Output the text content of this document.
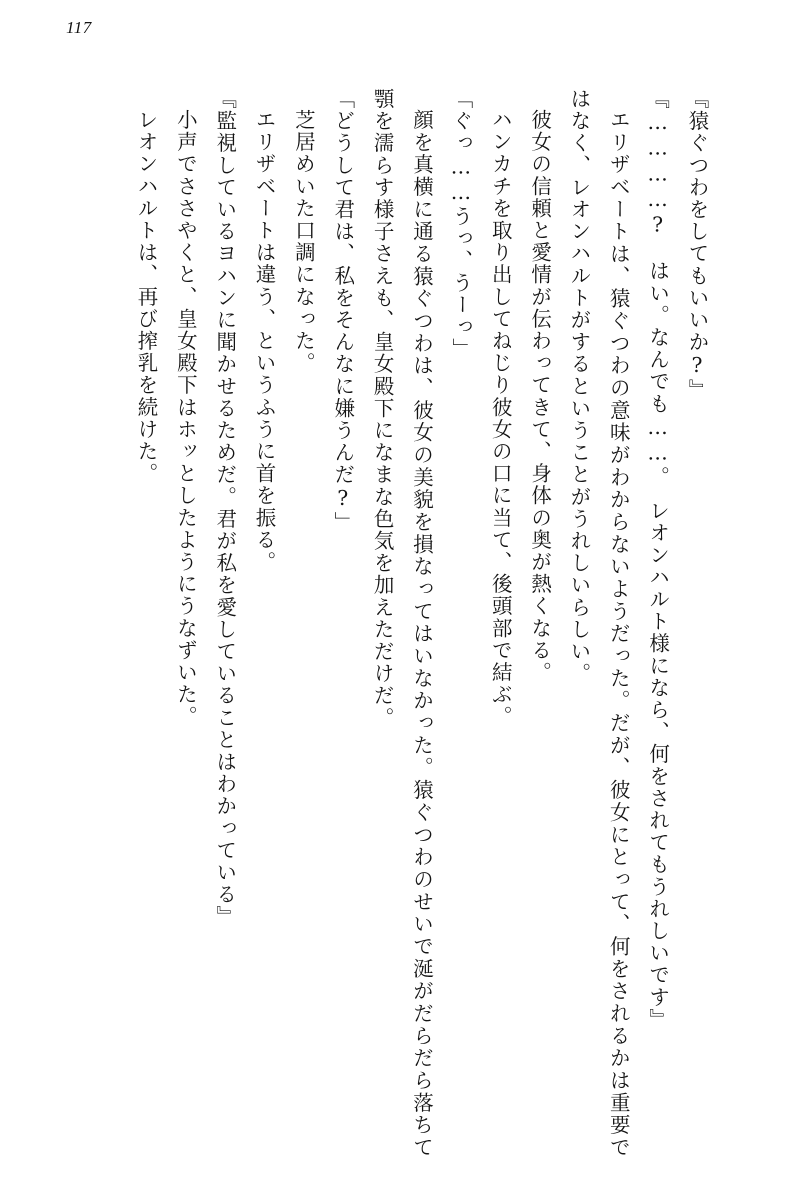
117

『猿ぐつわをしてもいいか?』

『…………?　はい。なんでも……。　レオンハルト様になら、何をされてもうれしいです』

エリザベートは、猿ぐつわの意味がわからないようだった。だが、彼女にとって、何をされるかは重要ではなく、レオンハルトがするということがうれしいらしい。

彼女の信頼と愛情が伝わってきて、身体の奥が熱くなる。

ハンカチを取り出してねじり彼女の口に当て、後頭部で結ぶ。

「ぐっ……うっ、うーっ」

顔を真横に通る猿ぐつわは、彼女の美貌を損なってはいなかった。猿ぐつわのせいで涎がだらだら落ちて顎を濡らす様子さえも、皇女殿下になまな色気を加えただけだ。

「どうして君は、私をそんなに嫌うんだ?」

芝居めいた口調になった。

エリザベートは違う、というふうに首を振る。

『監視しているヨハンに聞かせるためだ。君が私を愛していることはわかっている』

小声でささやくと、皇女殿下はホッとしたようにうなずいた。

レオンハルトは、再び搾乳を続けた。
